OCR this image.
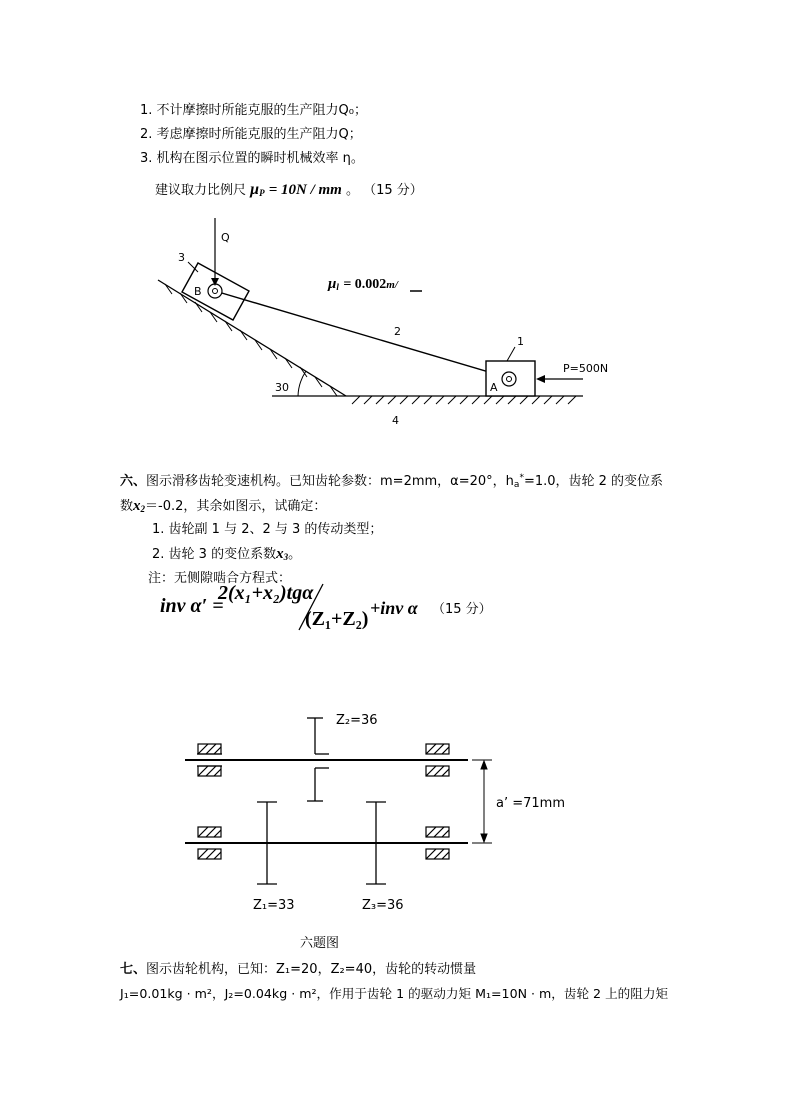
1. 不计摩擦时所能克服的生产阻力Q₀；
2. 考虑摩擦时所能克服的生产阻力Q；
3. 机构在图示位置的瞬时机械效率 η。
建议取力比例尺 $\mu_P = 10N$ / mm 。 （15 分）
Q
3
B	$\mu_l = 0.002m/$
2
1
P=500N
A
30
4
六、图示滑移齿轮变速机构。已知齿轮参数：m=2mm，α=20°，$h_a^*=1.0$，齿轮 2 的变位系
数$x_2=-0.2$，其余如图示，试确定：
1. 齿轮副 1 与 2、2 与 3 的传动类型；
2. 齿轮 3 的变位系数$x_3$。
注：无侧隙啮合方程式：
inv α′ =
2(x₁+x₂)tgα
(Z₁+Z₂) +inv α （15 分）
Z₂=36
a’ =71mm
Z₁=33	Z₃=36
六题图
七、图示齿轮机构，已知：Z₁=20，Z₂=40，齿轮的转动惯量
J₁=0.01kg · m²，J₂=0.04kg · m²，作用于齿轮 1 的驱动力矩 M₁=10N · m，齿轮 2 上的阻力矩
